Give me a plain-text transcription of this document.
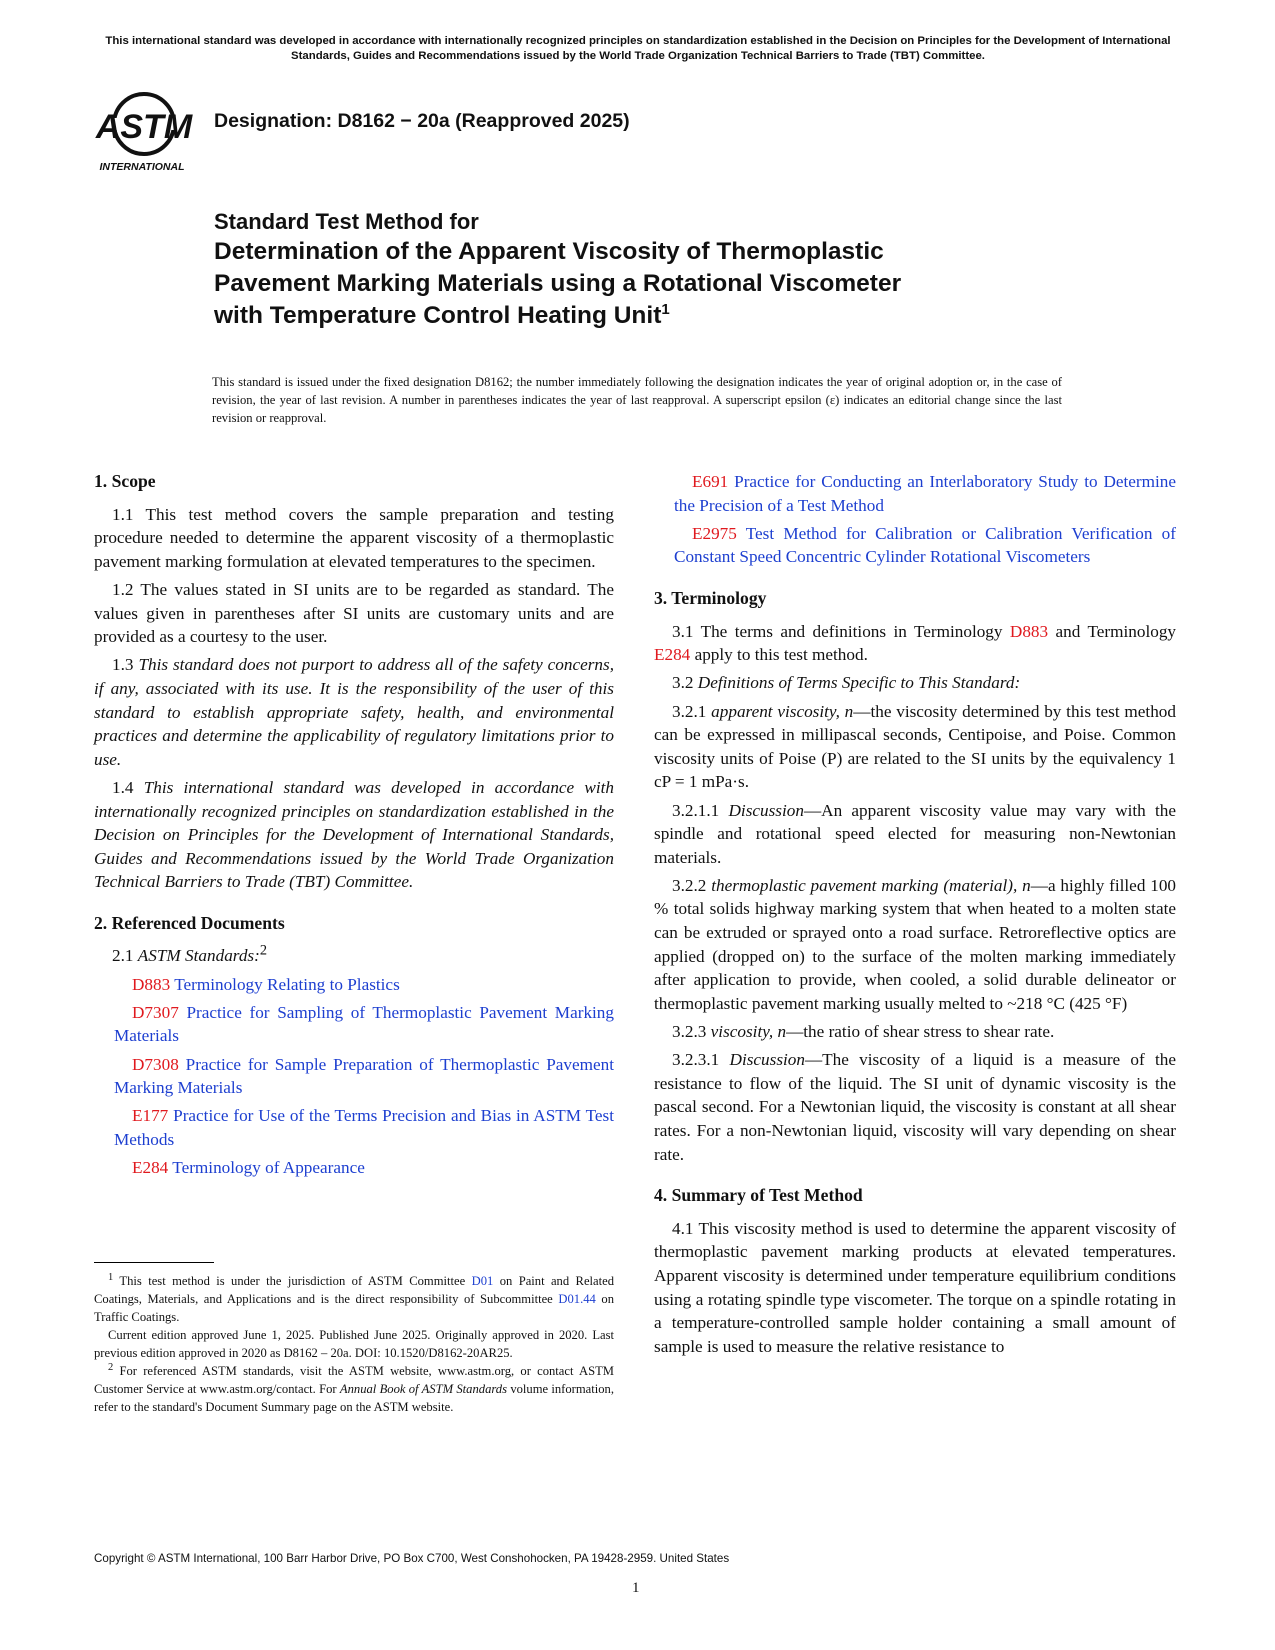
This international standard was developed in accordance with internationally recognized principles on standardization established in the Decision on Principles for the Development of International Standards, Guides and Recommendations issued by the World Trade Organization Technical Barriers to Trade (TBT) Committee.
ASTM
INTERNATIONAL
Designation: D8162 − 20a (Reapproved 2025)
Standard Test Method for
Determination of the Apparent Viscosity of Thermoplastic
Pavement Marking Materials using a Rotational Viscometer
with Temperature Control Heating Unit$^1$
This standard is issued under the fixed designation D8162; the number immediately following the designation indicates the year of original adoption or, in the case of revision, the year of last revision. A number in parentheses indicates the year of last reapproval. A superscript epsilon (ε) indicates an editorial change since the last revision or reapproval.
1. Scope

1.1 This test method covers the sample preparation and testing procedure needed to determine the apparent viscosity of a thermoplastic pavement marking formulation at elevated temperatures to the specimen.

1.2 The values stated in SI units are to be regarded as standard. The values given in parentheses after SI units are customary units and are provided as a courtesy to the user.

1.3 This standard does not purport to address all of the safety concerns, if any, associated with its use. It is the responsibility of the user of this standard to establish appropriate safety, health, and environmental practices and determine the applicability of regulatory limitations prior to use.

1.4 This international standard was developed in accordance with internationally recognized principles on standardization established in the Decision on Principles for the Development of International Standards, Guides and Recommendations issued by the World Trade Organization Technical Barriers to Trade (TBT) Committee.

2. Referenced Documents

2.1 ASTM Standards:$^2$

D883 Terminology Relating to Plastics

D7307 Practice for Sampling of Thermoplastic Pavement Marking Materials

D7308 Practice for Sample Preparation of Thermoplastic Pavement Marking Materials

E177 Practice for Use of the Terms Precision and Bias in ASTM Test Methods

E284 Terminology of Appearance

E691 Practice for Conducting an Interlaboratory Study to Determine the Precision of a Test Method

E2975 Test Method for Calibration or Calibration Verification of Constant Speed Concentric Cylinder Rotational Viscometers

3. Terminology

3.1 The terms and definitions in Terminology D883 and Terminology E284 apply to this test method.

3.2 Definitions of Terms Specific to This Standard:

3.2.1 apparent viscosity, n—the viscosity determined by this test method can be expressed in millipascal seconds, Centipoise, and Poise. Common viscosity units of Poise (P) are related to the SI units by the equivalency 1 cP = 1 mPa·s.

3.2.1.1 Discussion—An apparent viscosity value may vary with the spindle and rotational speed elected for measuring non-Newtonian materials.

3.2.2 thermoplastic pavement marking (material), n—a highly filled 100 % total solids highway marking system that when heated to a molten state can be extruded or sprayed onto a road surface. Retroreflective optics are applied (dropped on) to the surface of the molten marking immediately after application to provide, when cooled, a solid durable delineator or thermoplastic pavement marking usually melted to ~218 °C (425 °F)

3.2.3 viscosity, n—the ratio of shear stress to shear rate.

3.2.3.1 Discussion—The viscosity of a liquid is a measure of the resistance to flow of the liquid. The SI unit of dynamic viscosity is the pascal second. For a Newtonian liquid, the viscosity is constant at all shear rates. For a non-Newtonian liquid, viscosity will vary depending on shear rate.

4. Summary of Test Method

4.1 This viscosity method is used to determine the apparent viscosity of thermoplastic pavement marking products at elevated temperatures. Apparent viscosity is determined under temperature equilibrium conditions using a rotating spindle type viscometer. The torque on a spindle rotating in a temperature-controlled sample holder containing a small amount of sample is used to measure the relative resistance to

$^1$ This test method is under the jurisdiction of ASTM Committee D01 on Paint and Related Coatings, Materials, and Applications and is the direct responsibility of Subcommittee D01.44 on Traffic Coatings.

Current edition approved June 1, 2025. Published June 2025. Originally approved in 2020. Last previous edition approved in 2020 as D8162 – 20a. DOI: 10.1520/D8162-20AR25.

$^2$ For referenced ASTM standards, visit the ASTM website, www.astm.org, or contact ASTM Customer Service at www.astm.org/contact. For Annual Book of ASTM Standards volume information, refer to the standard's Document Summary page on the ASTM website.

Copyright © ASTM International, 100 Barr Harbor Drive, PO Box C700, West Conshohocken, PA 19428-2959. United States
1
